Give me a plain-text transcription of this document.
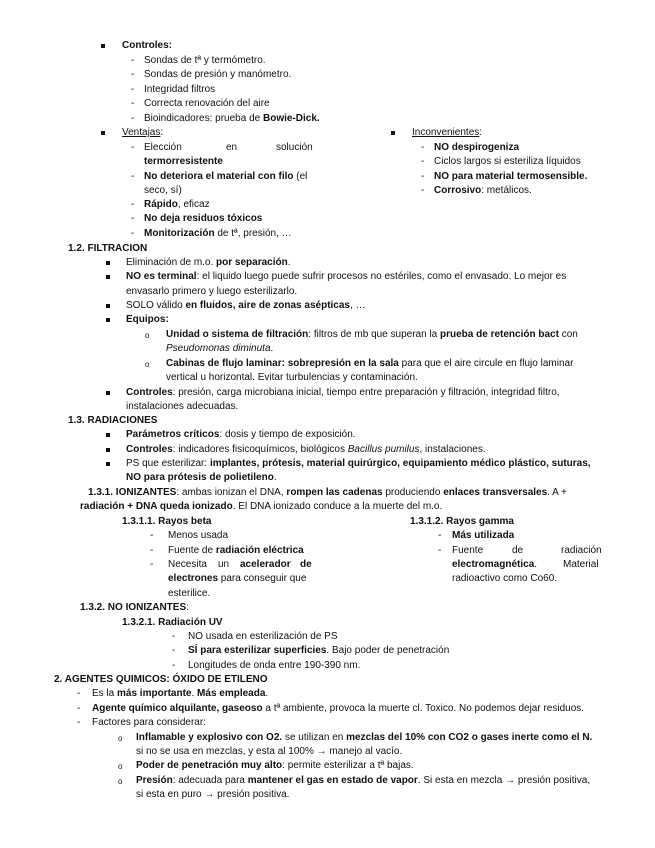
Controles:
- Sondas de tª y termómetro.
- Sondas de presión y manómetro.
- Integridad filtros
- Correcta renovación del aire
- Bioindicadores: prueba de Bowie-Dick.
Ventajas:
- Elección	en	solución
termorresistente
- No deteriora el material con filo (el
seco, sí)
- Rápido, eficaz
- No deja residuos tóxicos
- Monitorización de tª, presión, …
Inconvenientes:
- NO despirogeniza
- Ciclos largos si esteriliza líquidos
- NO para material termosensible.
- Corrosivo: metálicos.
1.2. FILTRACION
Eliminación de m.o. por separación.
NO es terminal: el liquido luego puede sufrir procesos no estériles, como el envasado. Lo mejor es
envasarlo primero y luego esterilizarlo.
SOLO válido en fluidos, aire de zonas asépticas, …
Equipos:
o Unidad o sistema de filtración: filtros de mb que superan la prueba de retención bact con
Pseudomonas diminuta.
o Cabinas de flujo laminar: sobrepresión en la sala para que el aire circule en flujo laminar
vertical u horizontal. Evitar turbulencias y contaminación.
Controles: presión, carga microbiana inicial, tiempo entre preparación y filtración, integridad filtro,
instalaciones adecuadas.
1.3. RADIACIONES
Parámetros críticos: dosis y tiempo de exposición.
Controles: indicadores fisicoquímicos, biológicos Bacillus pumilus, instalaciones.
PS que esterilizar: implantes, prótesis, material quirúrgico, equipamiento médico plástico, suturas,
NO para prótesis de polietileno.
1.3.1. IONIZANTES: ambas ionizan el DNA, rompen las cadenas produciendo enlaces transversales. A +
radiación + DNA queda ionizado. El DNA ionizado conduce a la muerte del m.o.
1.3.1.1. Rayos beta
- Menos usada
- Fuente de radiación eléctrica
- Necesita un acelerador de
electrones para conseguir que
esterilice.
1.3.1.2. Rayos gamma
- Más utilizada
- Fuente	de	radiación
electromagnética.	Material
radioactivo como Co60.
1.3.2. NO IONIZANTES:
1.3.2.1. Radiación UV
- NO usada en esterilización de PS
- SÍ para esterilizar superficies. Bajo poder de penetración
- Longitudes de onda entre 190-390 nm.
2. AGENTES QUIMICOS: ÓXIDO DE ETILENO
- Es la más importante. Más empleada.
- Agente químico alquilante, gaseoso a tª ambiente, provoca la muerte cl. Toxico. No podemos dejar residuos.
- Factores para considerar:
o Inflamable y explosivo con O2. se utilizan en mezclas del 10% con CO2 o gases inerte como el N.
si no se usa en mezclas, y esta al 100% → manejo al vacío.
o Poder de penetración muy alto: permite esterilizar a tª bajas.
o Presión: adecuada para mantener el gas en estado de vapor. Si esta en mezcla → presión positiva,
si esta en puro → presión positiva.
